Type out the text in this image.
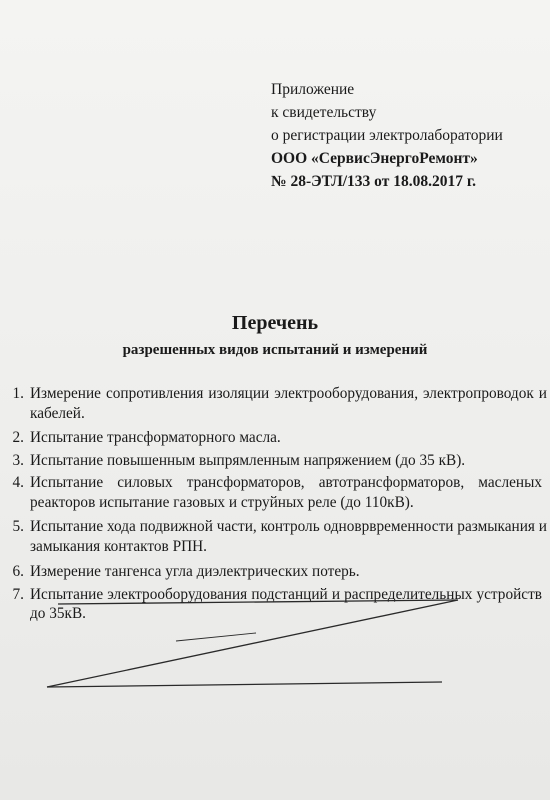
Приложение
к свидетельству
о регистрации электролаборатории
ООО «СервисЭнергоРемонт»
№ 28-ЭТЛ/133 от 18.08.2017 г.
Перечень
разрешенных видов испытаний и измерений
1. Измерение сопротивления изоляции электрооборудования, электропроводок и кабелей.
2. Испытание трансформаторного масла.
3. Испытание повышенным выпрямленным напряжением (до 35 кВ).
4. Испытание силовых трансформаторов, автотрансформаторов, масленых реакторов испытание газовых и струйных реле (до 110кВ).
5. Испытание хода подвижной части, контроль одноврвременности размыкания и замыкания контактов РПН.
6. Измерение тангенса угла диэлектрических потерь.
7. Испытание электрооборудования подстанций и распределительных устройств до 35кВ.
